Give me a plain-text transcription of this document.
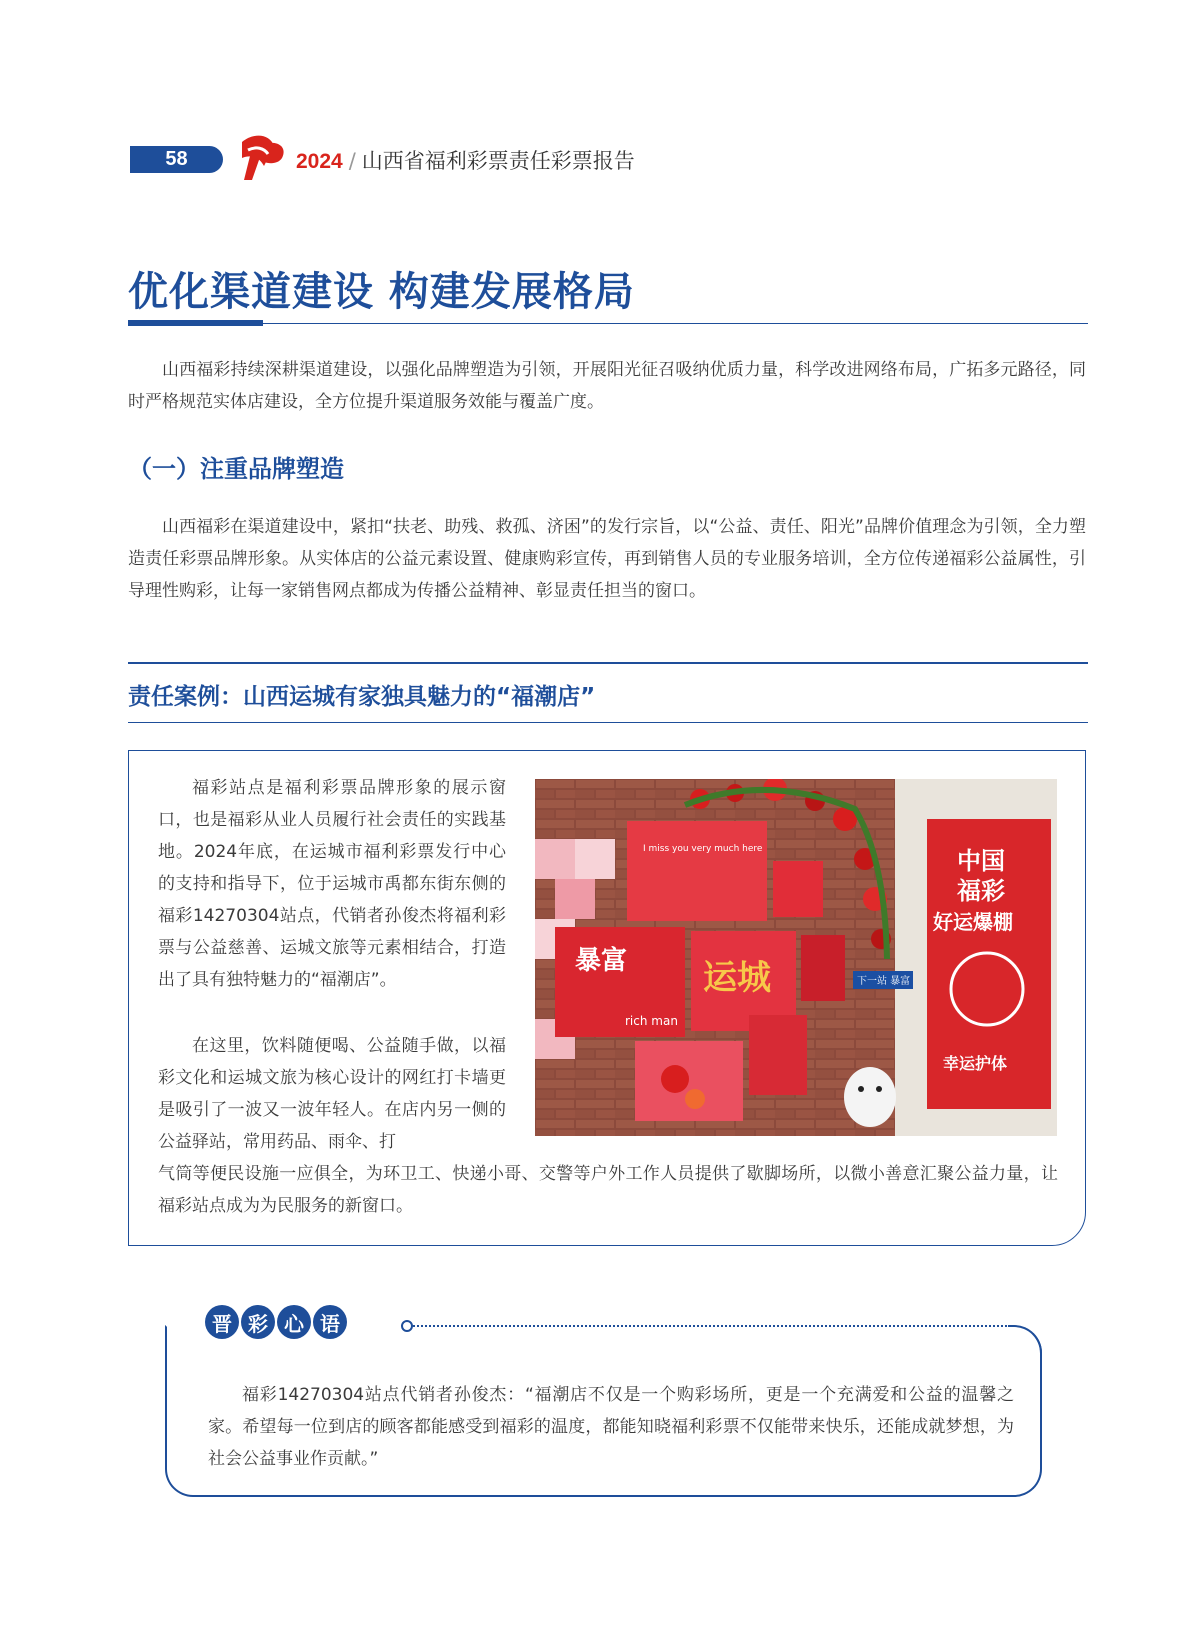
58	2024 / 山西省福利彩票责任彩票报告
优化渠道建设 构建发展格局
山西福彩持续深耕渠道建设，以强化品牌塑造为引领，开展阳光征召吸纳优质力量，科学改进网络布局，广拓多元路径，同时严格规范实体店建设，全方位提升渠道服务效能与覆盖广度。
（一）注重品牌塑造
山西福彩在渠道建设中，紧扣“扶老、助残、救孤、济困”的发行宗旨，以“公益、责任、阳光”品牌价值理念为引领，全力塑造责任彩票品牌形象。从实体店的公益元素设置、健康购彩宣传，再到销售人员的专业服务培训，全方位传递福彩公益属性，引导理性购彩，让每一家销售网点都成为传播公益精神、彰显责任担当的窗口。
责任案例：山西运城有家独具魅力的“福潮店”
福彩站点是福利彩票品牌形象的展示窗口，也是福彩从业人员履行社会责任的实践基地。2024年底，在运城市福利彩票发行中心的支持和指导下，位于运城市禹都东街东侧的福彩14270304站点，代销者孙俊杰将福利彩票与公益慈善、运城文旅等元素相结合，打造出了具有独特魅力的“福潮店”。
在这里，饮料随便喝、公益随手做，以福彩文化和运城文旅为核心设计的网红打卡墙更是吸引了一波又一波年轻人。在店内另一侧的公益驿站，常用药品、雨伞、打
气筒等便民设施一应俱全，为环卫工、快递小哥、交警等户外工作人员提供了歇脚场所，以微小善意汇聚公益力量，让福彩站点成为为民服务的新窗口。
I miss you very much here
暴富 运城
rich man
下一站 暴富
中国
福彩
好运爆棚
幸运护体
晋 彩 心 语
福彩14270304站点代销者孙俊杰：“福潮店不仅是一个购彩场所，更是一个充满爱和公益的温馨之家。希望每一位到店的顾客都能感受到福彩的温度，都能知晓福利彩票不仅能带来快乐，还能成就梦想，为社会公益事业作贡献。”
